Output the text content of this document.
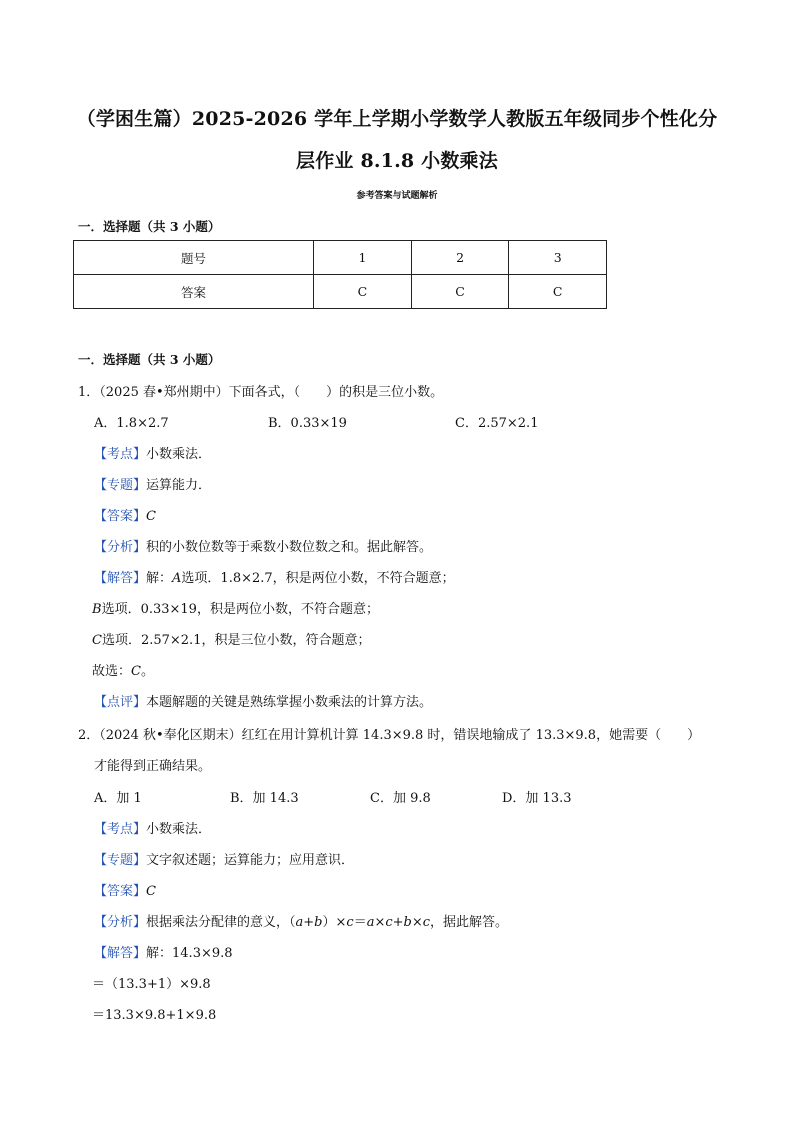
（学困生篇）2025-2026 学年上学期小学数学人教版五年级同步个性化分
层作业 8.1.8 小数乘法
参考答案与试题解析
一．选择题（共 3 小题）
题号	1	2	3
答案	C	C	C
一．选择题（共 3 小题）
1．（2025 春•郑州期中）下面各式，（　　）的积是三位小数。
A．1.8×2.7	B．0.33×19	C．2.57×2.1
【考点】小数乘法．
【专题】运算能力．
【答案】C
【分析】积的小数位数等于乘数小数位数之和。据此解答。
【解答】解：A选项．1.8×2.7，积是两位小数，不符合题意；
B选项．0.33×19，积是两位小数，不符合题意；
C选项．2.57×2.1，积是三位小数，符合题意；
故选：C。
【点评】本题解题的关键是熟练掌握小数乘法的计算方法。
2．（2024 秋•奉化区期末）红红在用计算机计算 14.3×9.8 时，错误地输成了 13.3×9.8，她需要（　　）
才能得到正确结果。
A．加 1	B．加 14.3	C．加 9.8	D．加 13.3
【考点】小数乘法．
【专题】文字叙述题；运算能力；应用意识．
【答案】C
【分析】根据乘法分配律的意义，（a+b）×c＝a×c+b×c，据此解答。
【解答】解：14.3×9.8
＝（13.3+1）×9.8
＝13.3×9.8+1×9.8
